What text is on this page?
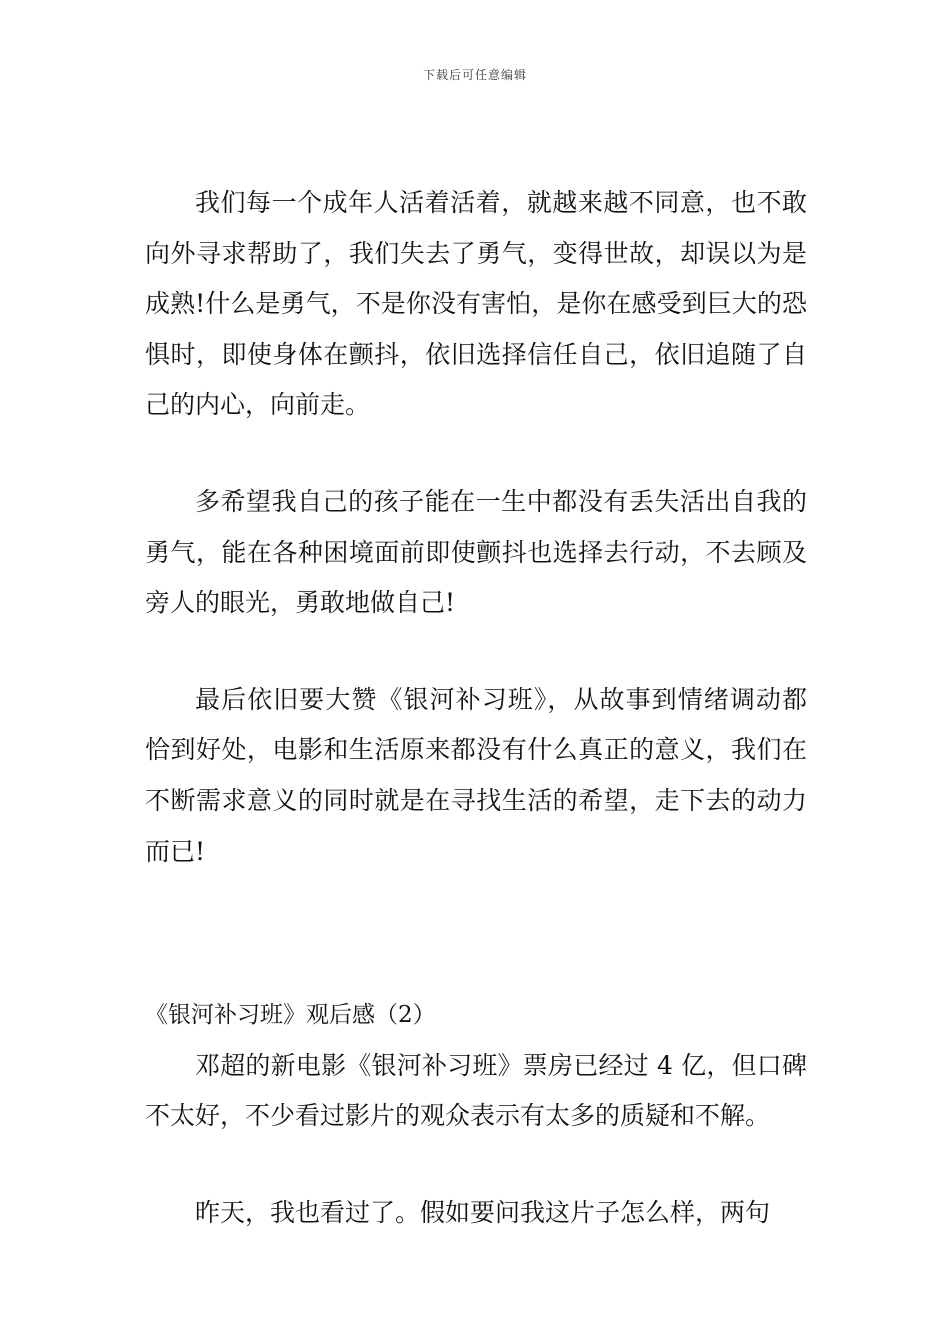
下载后可任意编辑

我们每一个成年人活着活着，就越来越不同意，也不敢向外寻求帮助了，我们失去了勇气，变得世故，却误以为是成熟!什么是勇气，不是你没有害怕，是你在感受到巨大的恐惧时，即使身体在颤抖，依旧选择信任自己，依旧追随了自己的内心，向前走。

多希望我自己的孩子能在一生中都没有丢失活出自我的勇气，能在各种困境面前即使颤抖也选择去行动，不去顾及旁人的眼光，勇敢地做自己!

最后依旧要大赞《银河补习班》，从故事到情绪调动都恰到好处，电影和生活原来都没有什么真正的意义，我们在不断需求意义的同时就是在寻找生活的希望，走下去的动力而已!

《银河补习班》观后感（2）

邓超的新电影《银河补习班》票房已经过 4 亿，但口碑不太好，不少看过影片的观众表示有太多的质疑和不解。

昨天，我也看过了。假如要问我这片子怎么样，两句
